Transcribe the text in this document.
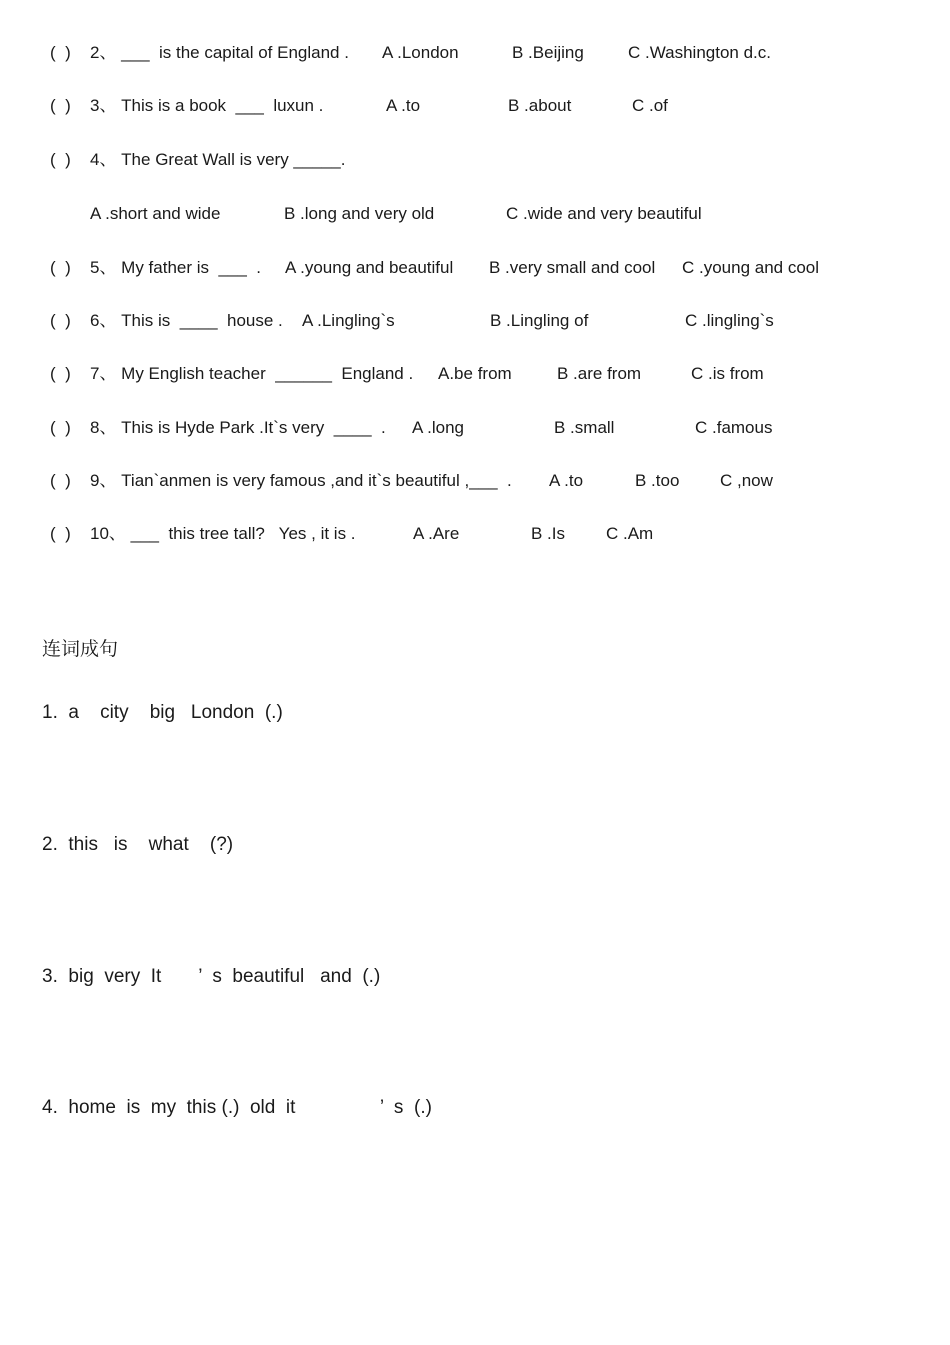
(  )

2、 ___  is the capital of England .

A .London

	B .Beijing

	C .Washington d.c.

(  )

3、 This is a book  ___  luxun .

	A .to

	B .about

	C .of

(  )

4、 The Great Wall is very _____.

A .short and wide

	B .long and very old

	C .wide and very beautiful

(  )

5、 My father is  ___  .

A .young and beautiful

B .very small and cool

C .young and cool

(  )

6、 This is  ____  house .

A .Lingling`s

	B .Lingling of

	C .lingling`s

(  )

7、 My English teacher  ______  England .

A.be from

	B .are from

	C .is from

(  )

8、 This is Hyde Park .It`s very  ____  .

A .long

	B .small

	C .famous

(  )

9、 Tian`anmen is very famous ,and it`s beautiful ,___  .

A .to

	B .too

C ,now

(  )

10、 ___  this tree tall?   Yes , it is .

	A .Are

	B .Is

C .Am

连词成句
1.  a    city    big   London  (.)
2.  this   is    what    (?)
3.  big  very  It       ’  s  beautiful   and  (.)
4.  home  is  my  this (.)  old  it                ’  s  (.)
